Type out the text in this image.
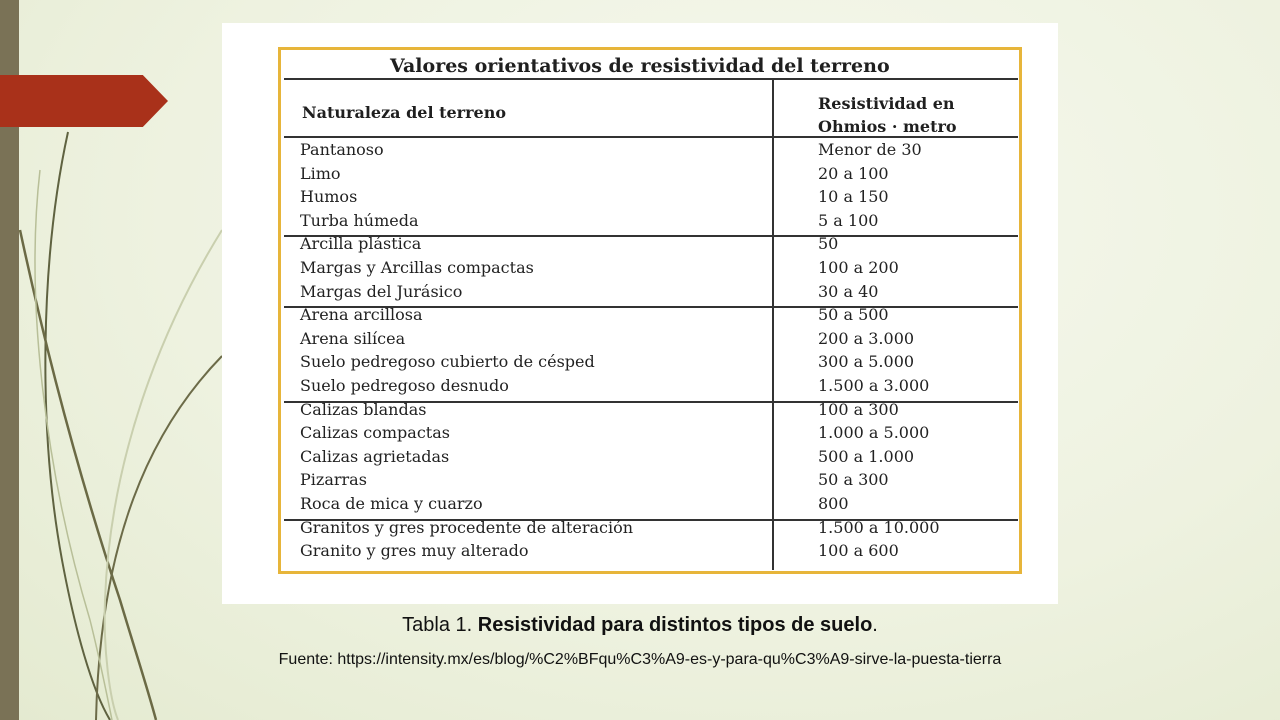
Valores orientativos de resistividad del terreno
Naturaleza del terreno	Resistividad en
Ohmios · metro
Pantanoso	Menor de 30
Limo	20 a 100
Humos	10 a 150
Turba húmeda	5 a 100
Arcilla plástica	50
Margas y Arcillas compactas	100 a 200
Margas del Jurásico	30 a 40
Arena arcillosa	50 a 500
Arena silícea	200 a 3.000
Suelo pedregoso cubierto de césped	300 a 5.000
Suelo pedregoso desnudo	1.500 a 3.000
Calizas blandas	100 a 300
Calizas compactas	1.000 a 5.000
Calizas agrietadas	500 a 1.000
Pizarras	50 a 300
Roca de mica y cuarzo	800
Granitos y gres procedente de alteración	1.500 a 10.000
Granito y gres muy alterado	100 a 600
Tabla 1. Resistividad para distintos tipos de suelo.
Fuente: https://intensity.mx/es/blog/%C2%BFqu%C3%A9-es-y-para-qu%C3%A9-sirve-la-puesta-tierra
